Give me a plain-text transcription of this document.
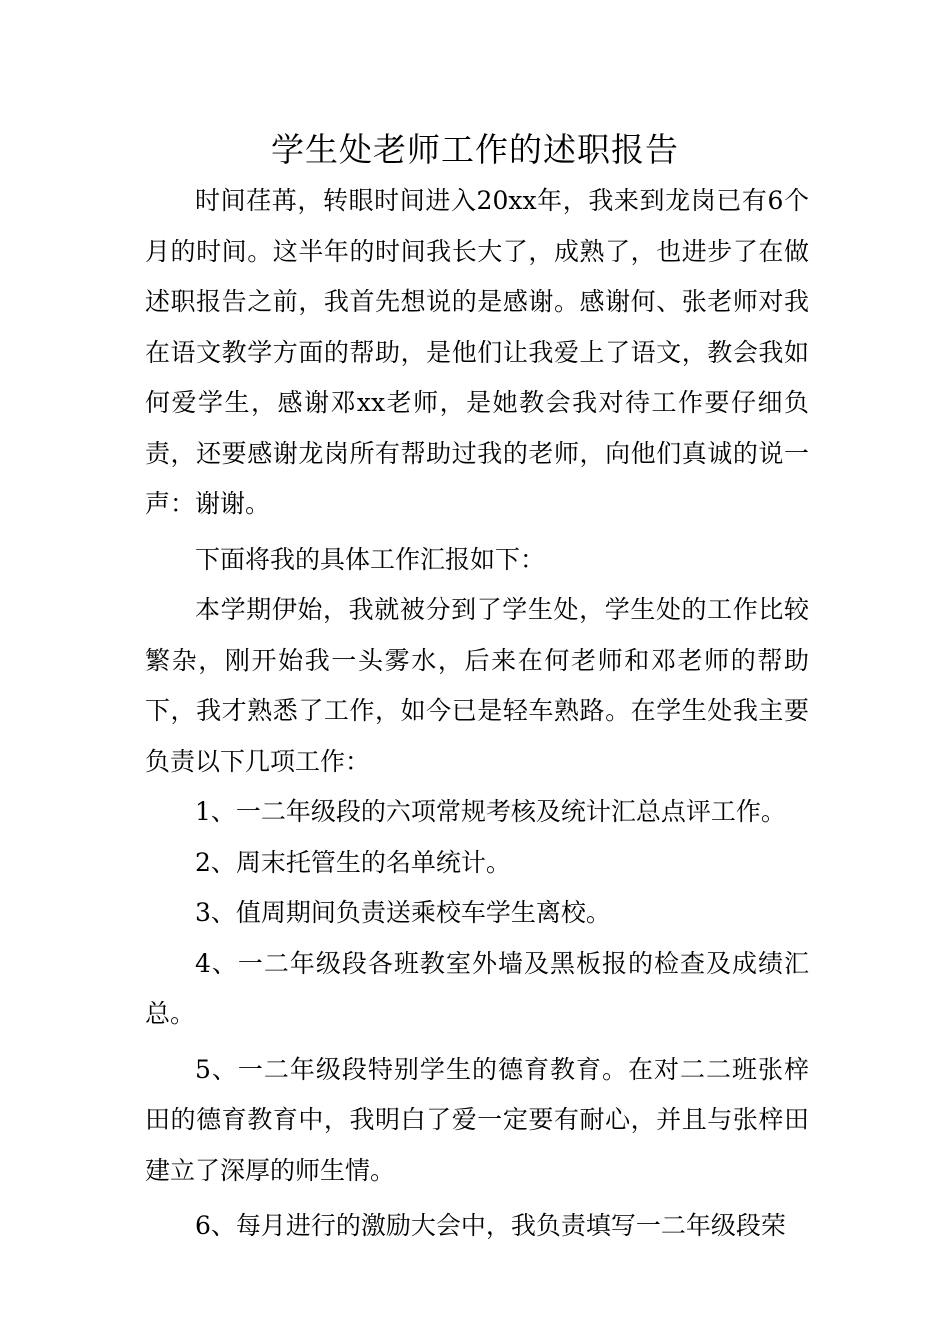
学生处老师工作的述职报告

时间荏苒，转眼时间进入20xx年，我来到龙岗已有6个月的时间。这半年的时间我长大了，成熟了，也进步了在做述职报告之前，我首先想说的是感谢。感谢何、张老师对我在语文教学方面的帮助，是他们让我爱上了语文，教会我如何爱学生，感谢邓xx老师，是她教会我对待工作要仔细负责，还要感谢龙岗所有帮助过我的老师，向他们真诚的说一声：谢谢。

下面将我的具体工作汇报如下：

本学期伊始，我就被分到了学生处，学生处的工作比较繁杂，刚开始我一头雾水，后来在何老师和邓老师的帮助下，我才熟悉了工作，如今已是轻车熟路。在学生处我主要负责以下几项工作：

1、一二年级段的六项常规考核及统计汇总点评工作。

2、周末托管生的名单统计。

3、值周期间负责送乘校车学生离校。

4、一二年级段各班教室外墙及黑板报的检查及成绩汇总。

5、一二年级段特别学生的德育教育。在对二二班张梓田的德育教育中，我明白了爱一定要有耐心，并且与张梓田建立了深厚的师生情。

6、每月进行的激励大会中，我负责填写一二年级段荣
